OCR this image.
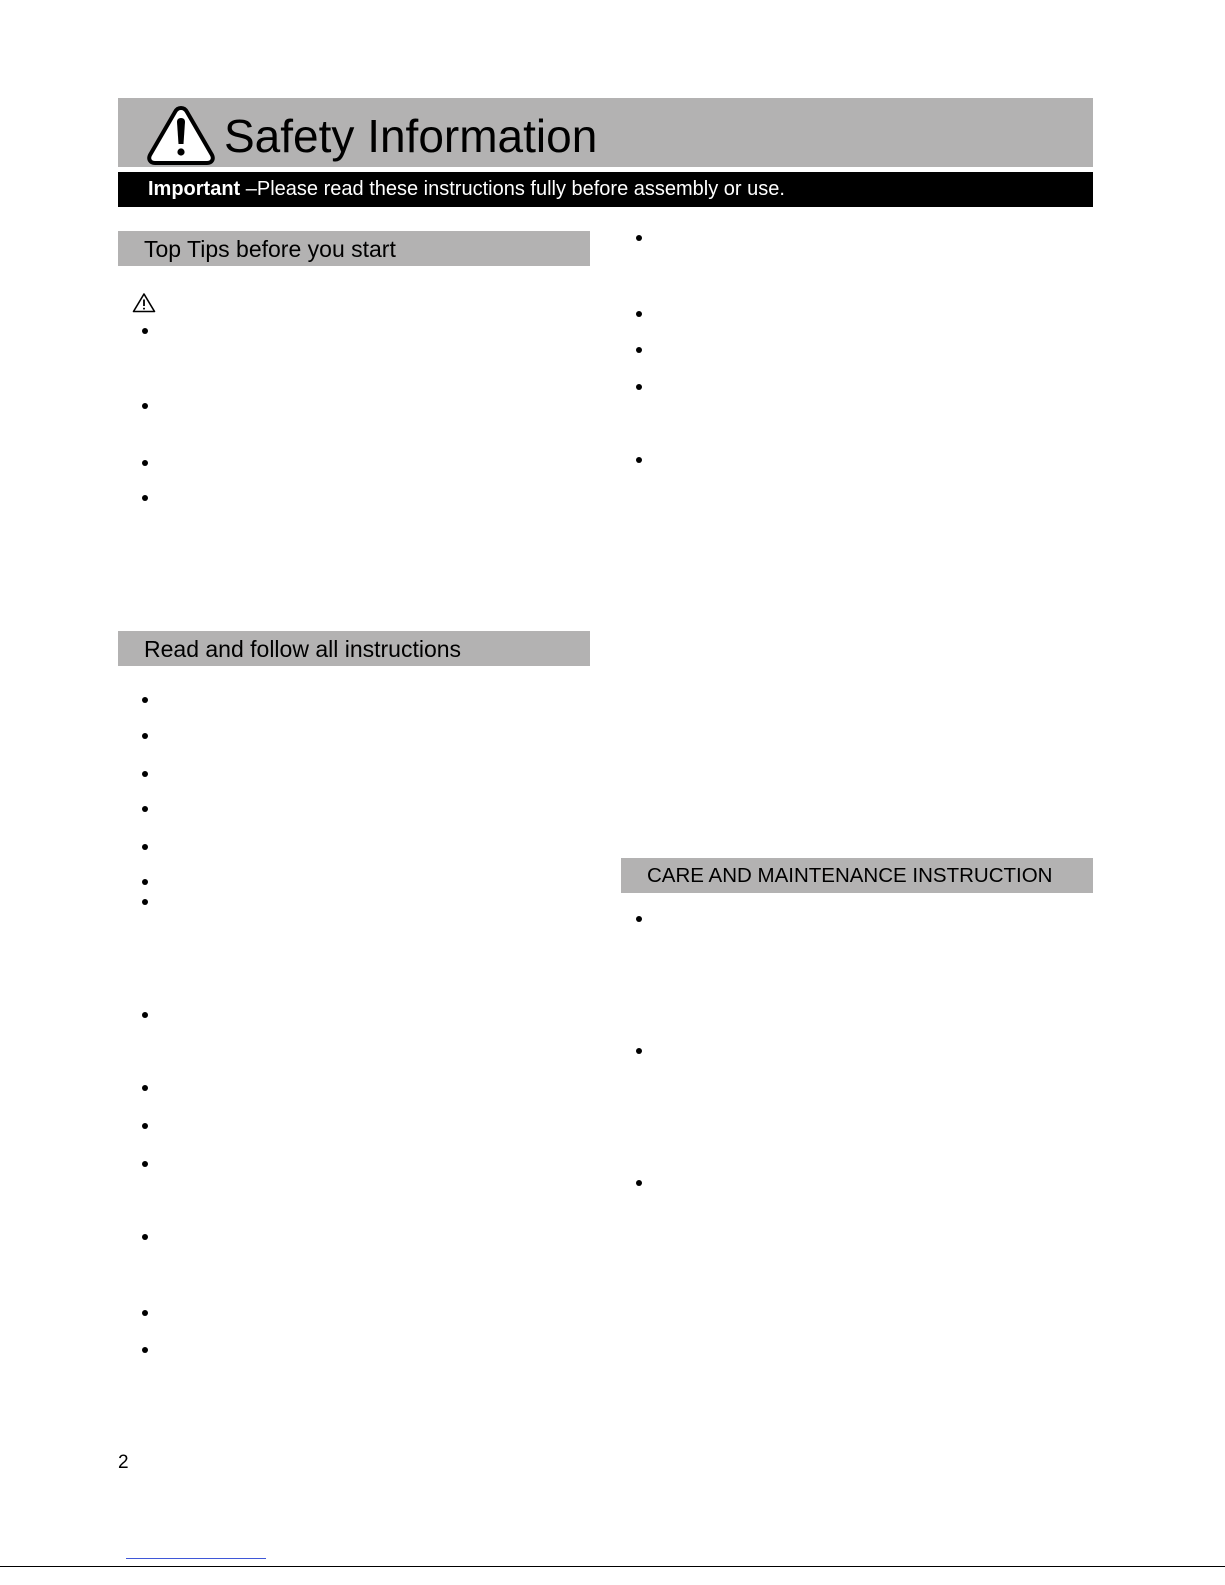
Safety Information
Important –Please read these instructions fully before assembly or use.
Top Tips before you start
Read and follow all instructions
CARE AND MAINTENANCE INSTRUCTION
2
